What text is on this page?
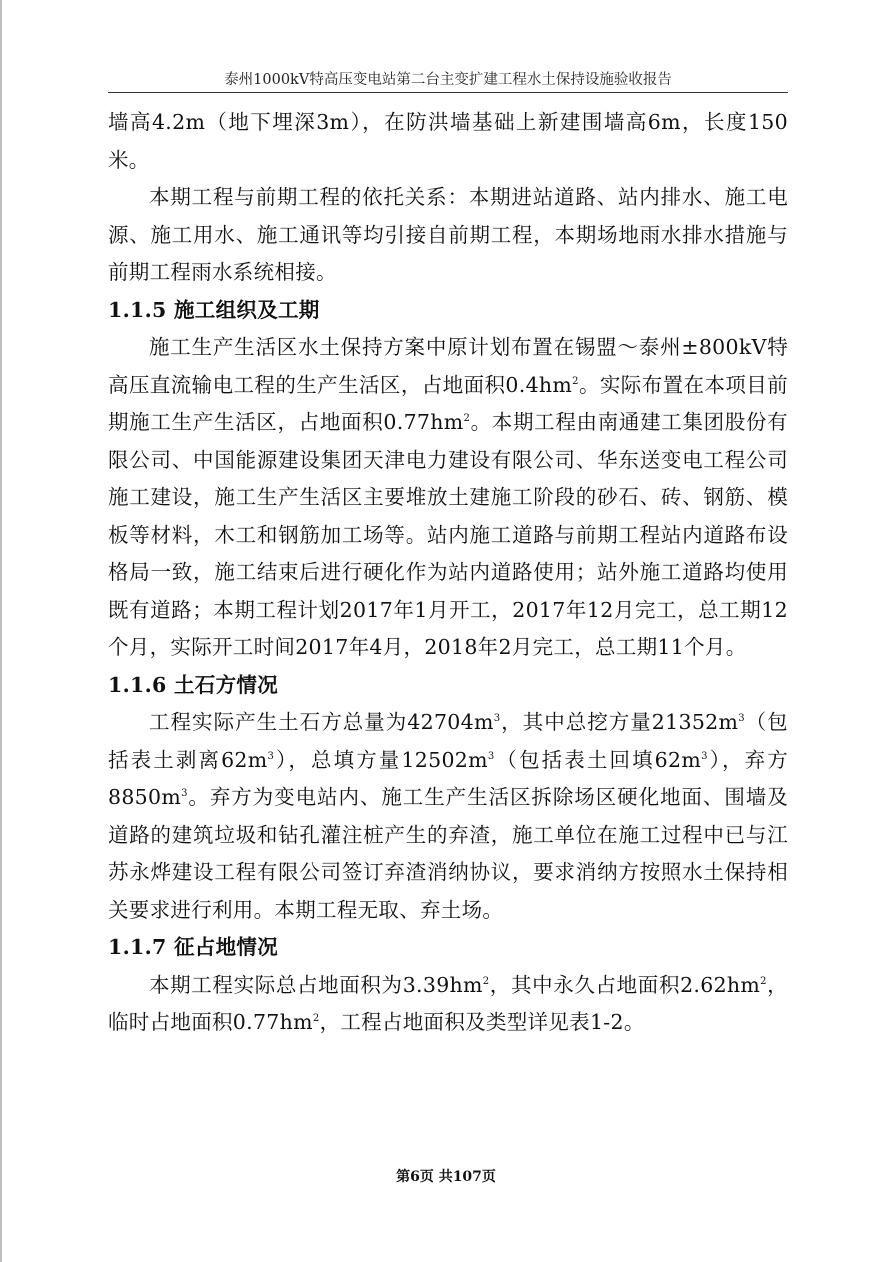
泰州1000kV特高压变电站第二台主变扩建工程水土保持设施验收报告

墙高4.2m（地下埋深3m），在防洪墙基础上新建围墙高6m，长度150米。

本期工程与前期工程的依托关系：本期进站道路、站内排水、施工电源、施工用水、施工通讯等均引接自前期工程，本期场地雨水排水措施与前期工程雨水系统相接。

1.1.5 施工组织及工期

施工生产生活区水土保持方案中原计划布置在锡盟～泰州±800kV特高压直流输电工程的生产生活区，占地面积$0.4hm^2$。实际布置在本项目前期施工生产生活区，占地面积$0.77hm^2$。本期工程由南通建工集团股份有限公司、中国能源建设集团天津电力建设有限公司、华东送变电工程公司施工建设，施工生产生活区主要堆放土建施工阶段的砂石、砖、钢筋、模板等材料，木工和钢筋加工场等。站内施工道路与前期工程站内道路布设格局一致，施工结束后进行硬化作为站内道路使用；站外施工道路均使用既有道路；本期工程计划2017年1月开工，2017年12月完工，总工期12个月，实际开工时间2017年4月，2018年2月完工，总工期11个月。

1.1.6 土石方情况

工程实际产生土石方总量为$42704m^3$，其中总挖方量$21352m^3$（包括表土剥离$62m^3$），总填方量$12502m^3$（包括表土回填$62m^3$），弃方$8850m^3$。弃方为变电站内、施工生产生活区拆除场区硬化地面、围墙及道路的建筑垃圾和钻孔灌注桩产生的弃渣，施工单位在施工过程中已与江苏永烨建设工程有限公司签订弃渣消纳协议，要求消纳方按照水土保持相关要求进行利用。本期工程无取、弃土场。

1.1.7 征占地情况

本期工程实际总占地面积为$3.39hm^2$，其中永久占地面积$2.62hm^2$，临时占地面积$0.77hm^2$，工程占地面积及类型详见表1-2。

第6页 共107页
